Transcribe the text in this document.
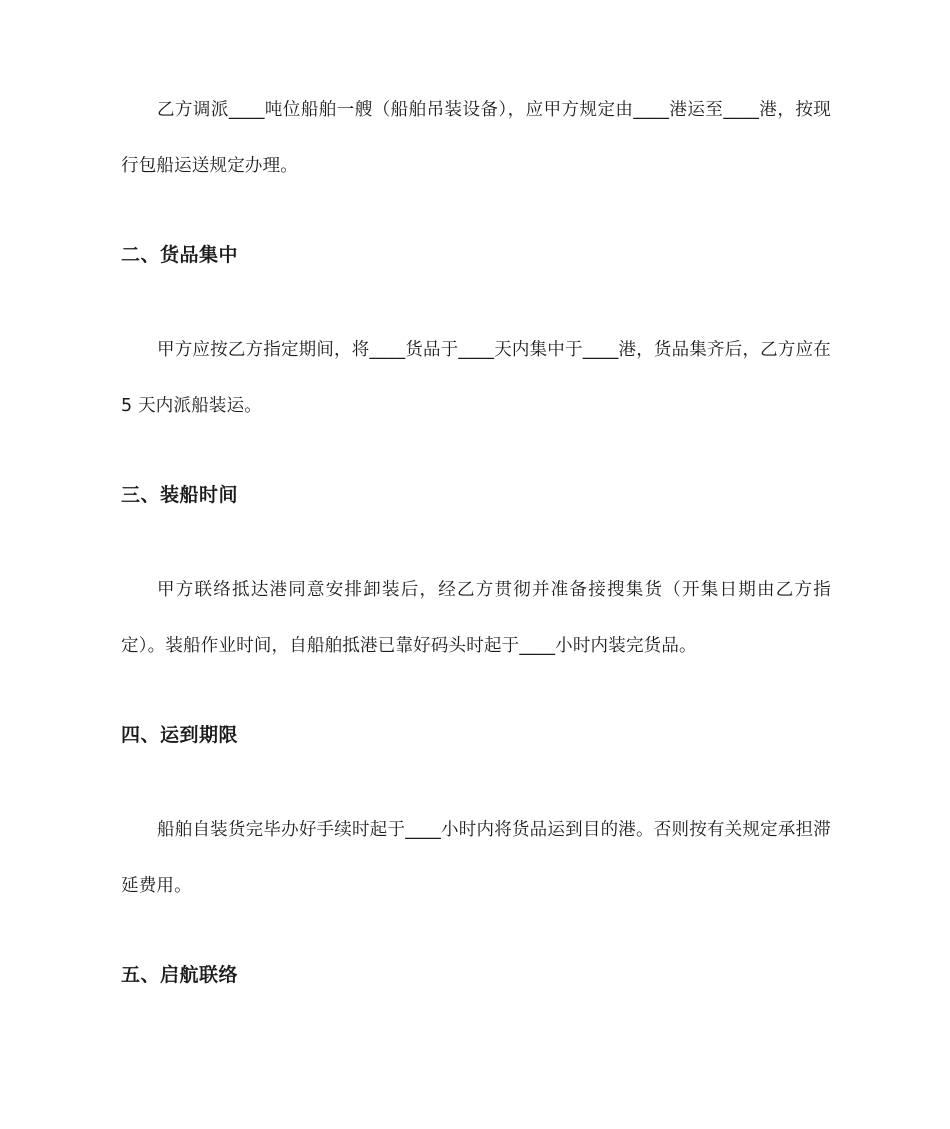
乙方调派____吨位船舶一艘（船舶吊装设备），应甲方规定由____港运至____港，按现行包船运送规定办理。

二、货品集中

甲方应按乙方指定期间，将____货品于____天内集中于____港，货品集齐后，乙方应在 5 天内派船装运。

三、装船时间

甲方联络抵达港同意安排卸装后，经乙方贯彻并准备接搜集货（开集日期由乙方指定）。装船作业时间，自船舶抵港已靠好码头时起于____小时内装完货品。

四、运到期限

船舶自装货完毕办好手续时起于____小时内将货品运到目的港。否则按有关规定承担滞延费用。

五、启航联络
